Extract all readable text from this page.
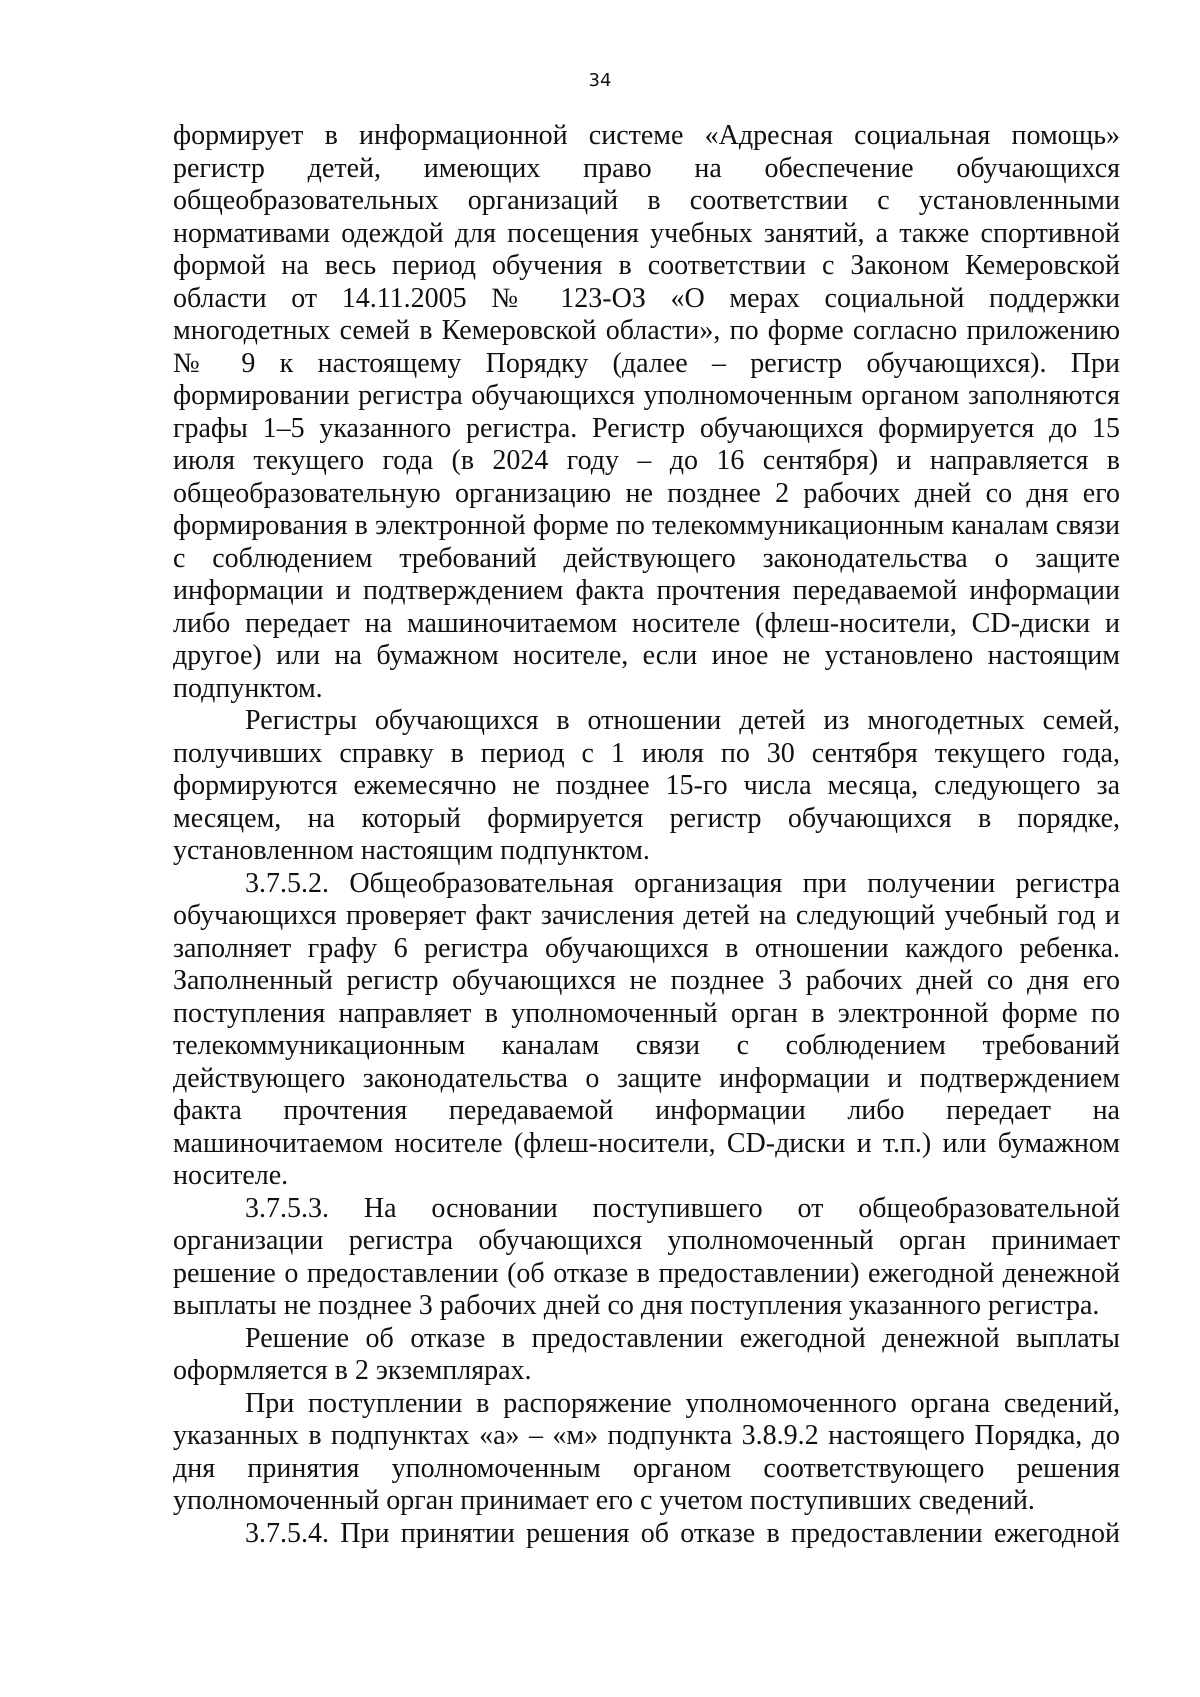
34

формирует в информационной системе «Адресная социальная помощь» регистр детей, имеющих право на обеспечение обучающихся общеобразовательных организаций в соответствии с установленными нормативами одеждой для посещения учебных занятий, а также спортивной формой на весь период обучения в соответствии с Законом Кемеровской области от 14.11.2005 № 123-ОЗ «О мерах социальной поддержки многодетных семей в Кемеровской области», по форме согласно приложению № 9 к настоящему Порядку (далее – регистр обучающихся). При формировании регистра обучающихся уполномоченным органом заполняются графы 1–5 указанного регистра. Регистр обучающихся формируется до 15 июля текущего года (в 2024 году – до 16 сентября) и направляется в общеобразовательную организацию не позднее 2 рабочих дней со дня его формирования в электронной форме по телекоммуникационным каналам связи с соблюдением требований действующего законодательства о защите информации и подтверждением факта прочтения передаваемой информации либо передает на машиночитаемом носителе (флеш-носители, CD-диски и другое) или на бумажном носителе, если иное не установлено настоящим подпунктом.

Регистры обучающихся в отношении детей из многодетных семей, получивших справку в период с 1 июля по 30 сентября текущего года, формируются ежемесячно не позднее 15-го числа месяца, следующего за месяцем, на который формируется регистр обучающихся в порядке, установленном настоящим подпунктом.

3.7.5.2. Общеобразовательная организация при получении регистра обучающихся проверяет факт зачисления детей на следующий учебный год и заполняет графу 6 регистра обучающихся в отношении каждого ребенка. Заполненный регистр обучающихся не позднее 3 рабочих дней со дня его поступления направляет в уполномоченный орган в электронной форме по телекоммуникационным каналам связи с соблюдением требований действующего законодательства о защите информации и подтверждением факта прочтения передаваемой информации либо передает на машиночитаемом носителе (флеш-носители, CD-диски и т.п.) или бумажном носителе.

3.7.5.3. На основании поступившего от общеобразовательной организации регистра обучающихся уполномоченный орган принимает решение о предоставлении (об отказе в предоставлении) ежегодной денежной выплаты не позднее 3 рабочих дней со дня поступления указанного регистра.

Решение об отказе в предоставлении ежегодной денежной выплаты оформляется в 2 экземплярах.

При поступлении в распоряжение уполномоченного органа сведений, указанных в подпунктах «а» – «м» подпункта 3.8.9.2 настоящего Порядка, до дня принятия уполномоченным органом соответствующего решения уполномоченный орган принимает его с учетом поступивших сведений.

3.7.5.4. При принятии решения об отказе в предоставлении ежегодной
